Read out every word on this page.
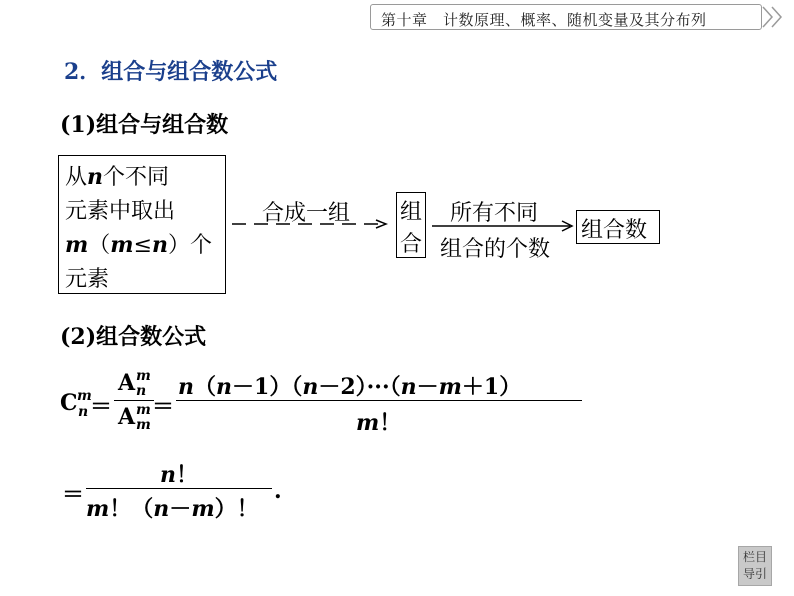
第十章　计数原理、概率、随机变量及其分布列
2．组合与组合数公式
(1)组合与组合数
从n个不同
元素中取出
m（m≤n）个
元素
合成一组 组
合
所有不同
组合的个数
组合数
(2)组合数公式
C m
n ＝
A m
n
A m
m
＝
n（n－1）（n－2）···（n－m＋1）
m！
＝
n！
m！（n－m）！
.
栏目
导引
